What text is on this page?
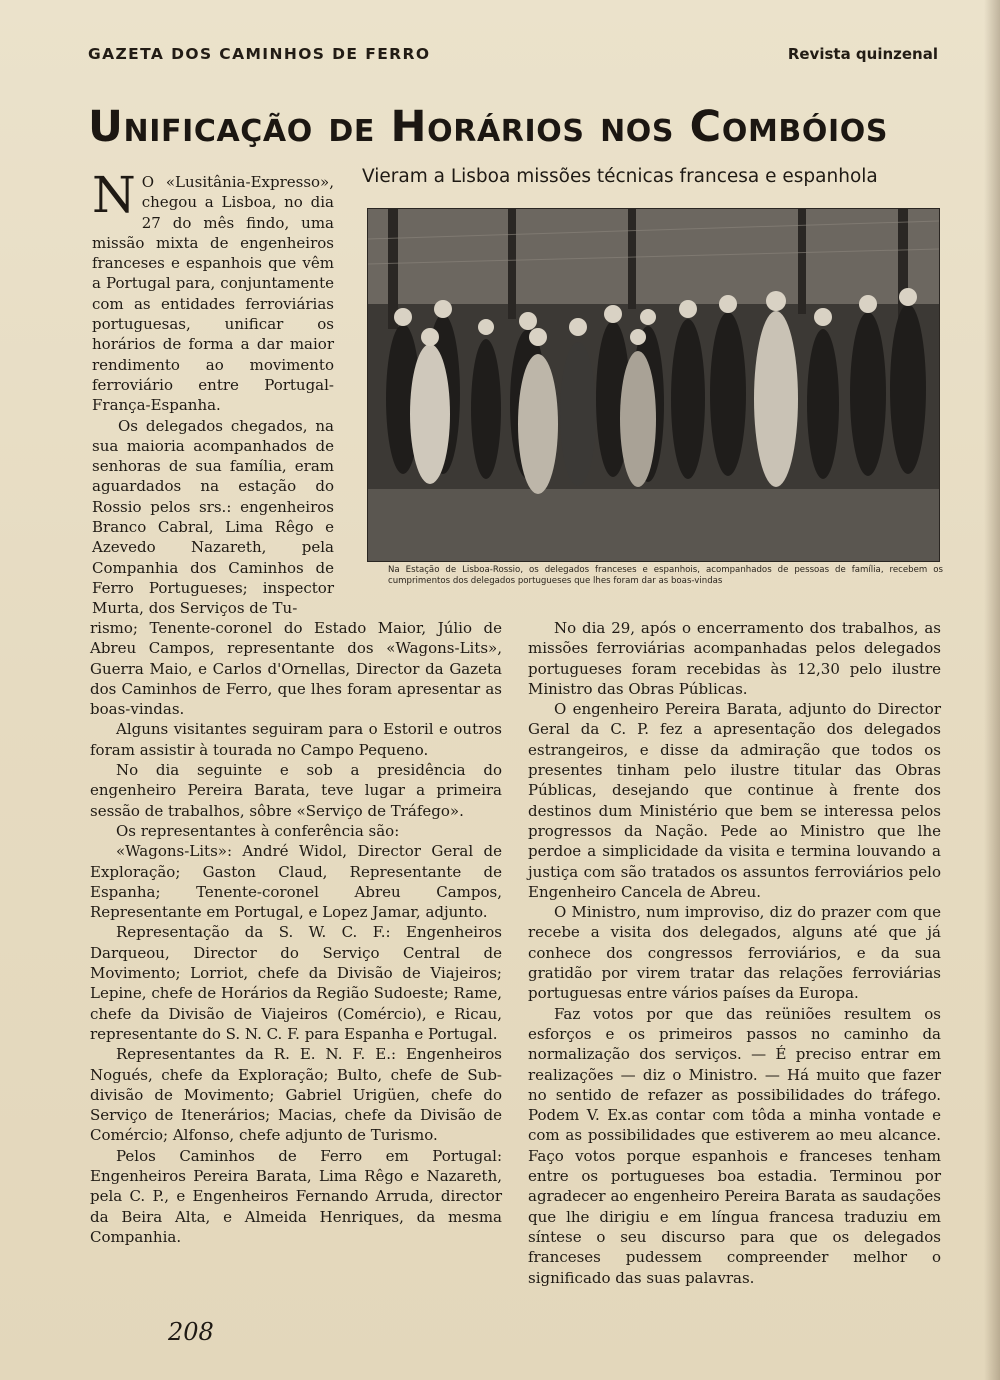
GAZETA DOS CAMINHOS DE FERRO	Revista quinzenal
Unificação de Horários nos Combóios
Vieram a Lisboa missões técnicas francesa e espanhola
Na Estação de Lisboa-Rossio, os delegados franceses e espanhois, acompanhados de pessoas de família, recebem os cumprimentos dos delegados portugueses que lhes foram dar as boas-vindas

N O «Lusitânia-Expresso», chegou a Lisboa, no dia 27 do mês findo, uma missão mixta de engenheiros franceses e espanhois que vêm a Portugal para, conjuntamente com as entidades ferroviárias portuguesas, unificar os horários de forma a dar maior rendimento ao movimento ferroviário entre Portugal-França-Espanha.

Os delegados chegados, na sua maioria acompanhados de senhoras de sua família, eram aguardados na estação do Rossio pelos srs.: engenheiros Branco Cabral, Lima Rêgo e Azevedo Nazareth, pela Companhia dos Caminhos de Ferro Portugueses; inspector Murta, dos Serviços de Tu-

rismo; Tenente-coronel do Estado Maior, Júlio de Abreu Campos, representante dos «Wagons-Lits», Guerra Maio, e Carlos d'Ornellas, Director da Gazeta dos Caminhos de Ferro, que lhes foram apresentar as boas-vindas.

Alguns visitantes seguiram para o Estoril e outros foram assistir à tourada no Campo Pequeno.

No dia seguinte e sob a presidência do engenheiro Pereira Barata, teve lugar a primeira sessão de trabalhos, sôbre «Serviço de Tráfego».

Os representantes à conferência são:

«Wagons-Lits»: André Widol, Director Geral de Exploração; Gaston Claud, Representante de Espanha; Tenente-coronel Abreu Campos, Representante em Portugal, e Lopez Jamar, adjunto.

Representação da S. W. C. F.: Engenheiros Darqueou, Director do Serviço Central de Movimento; Lorriot, chefe da Divisão de Viajeiros; Lepine, chefe de Horários da Região Sudoeste; Rame, chefe da Divisão de Viajeiros (Comércio), e Ricau, representante do S. N. C. F. para Espanha e Portugal.

Representantes da R. E. N. F. E.: Engenheiros Nogués, chefe da Exploração; Bulto, chefe de Sub-divisão de Movimento; Gabriel Urigüen, chefe do Serviço de Itenerários; Macias, chefe da Divisão de Comércio; Alfonso, chefe adjunto de Turismo.

Pelos Caminhos de Ferro em Portugal: Engenheiros Pereira Barata, Lima Rêgo e Nazareth, pela C. P., e Engenheiros Fernando Arruda, director da Beira Alta, e Almeida Henriques, da mesma Companhia.

No dia 29, após o encerramento dos trabalhos, as missões ferroviárias acompanhadas pelos delegados portugueses foram recebidas às 12,30 pelo ilustre Ministro das Obras Públicas.

O engenheiro Pereira Barata, adjunto do Director Geral da C. P. fez a apresentação dos delegados estrangeiros, e disse da admiração que todos os presentes tinham pelo ilustre titular das Obras Públicas, desejando que continue à frente dos destinos dum Ministério que bem se interessa pelos progressos da Nação. Pede ao Ministro que lhe perdoe a simplicidade da visita e termina louvando a justiça com são tratados os assuntos ferroviários pelo Engenheiro Cancela de Abreu.

O Ministro, num improviso, diz do prazer com que recebe a visita dos delegados, alguns até que já conhece dos congressos ferroviários, e da sua gratidão por virem tratar das relações ferroviárias portuguesas entre vários países da Europa.

Faz votos por que das reüniões resultem os esforços e os primeiros passos no caminho da normalização dos serviços. — É preciso entrar em realizações — diz o Ministro. — Há muito que fazer no sentido de refazer as possibilidades do tráfego. Podem V. Ex.as contar com tôda a minha vontade e com as possibilidades que estiverem ao meu alcance. Faço votos porque espanhois e franceses tenham entre os portugueses boa estadia. Terminou por agradecer ao engenheiro Pereira Barata as saudações que lhe dirigiu e em língua francesa traduziu em síntese o seu discurso para que os delegados franceses pudessem compreender melhor o significado das suas palavras.

208
